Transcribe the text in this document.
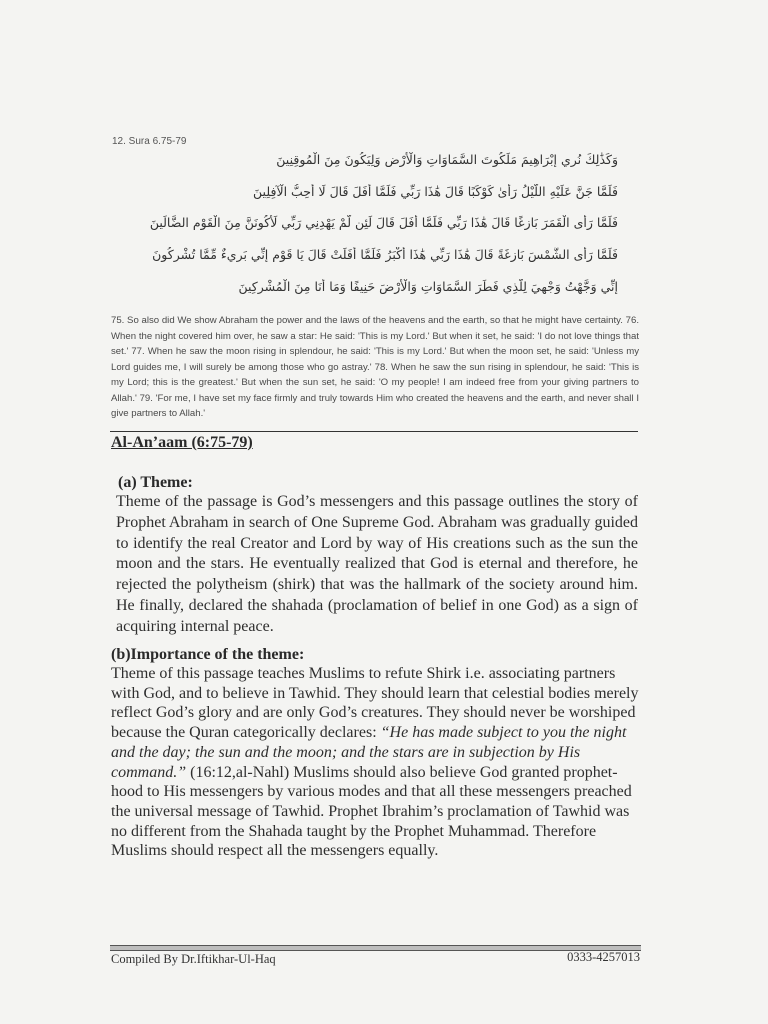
12. Sura 6.75-79
وَكَذَٰلِكَ نُرِي إِبْرَاهِيمَ مَلَكُوتَ السَّمَاوَاتِ وَالْأَرْضِ وَلِيَكُونَ مِنَ الْمُوقِنِينَ
فَلَمَّا جَنَّ عَلَيْهِ اللَّيْلُ رَأَىٰ كَوْكَبًا قَالَ هَٰذَا رَبِّي فَلَمَّا أَفَلَ قَالَ لَا أُحِبُّ الْآفِلِينَ
فَلَمَّا رَأَى الْقَمَرَ بَازِغًا قَالَ هَٰذَا رَبِّي فَلَمَّا أَفَلَ قَالَ لَئِن لَّمْ يَهْدِنِي رَبِّي لَأَكُونَنَّ مِنَ الْقَوْمِ الضَّالِّينَ
فَلَمَّا رَأَى الشَّمْسَ بَازِغَةً قَالَ هَٰذَا رَبِّي هَٰذَا أَكْبَرُ فَلَمَّا أَفَلَتْ قَالَ يَا قَوْمِ إِنِّي بَرِيءٌ مِّمَّا تُشْرِكُونَ
إِنِّي وَجَّهْتُ وَجْهِيَ لِلَّذِي فَطَرَ السَّمَاوَاتِ وَالْأَرْضَ حَنِيفًا وَمَا أَنَا مِنَ الْمُشْرِكِينَ

75. So also did We show Abraham the power and the laws of the heavens and the earth, so that he might have certainty. 76. When the night covered him over, he saw a star: He said: 'This is my Lord.' But when it set, he said: 'I do not love things that set.' 77. When he saw the moon rising in splendour, he said: 'This is my Lord.' But when the moon set, he said: 'Unless my Lord guides me, I will surely be among those who go astray.' 78. When he saw the sun rising in splendour, he said: 'This is my Lord; this is the greatest.' But when the sun set, he said: 'O my people! I am indeed free from your giving partners to Allah.' 79. 'For me, I have set my face firmly and truly towards Him who created the heavens and the earth, and never shall I give partners to Allah.'

Al-An’aam (6:75-79)
(a) Theme:

Theme of the passage is God’s messengers and this passage outlines the story of Prophet Abraham in search of One Supreme God. Abraham was gradually guided to identify the real Creator and Lord by way of His creations such as the sun the moon and the stars. He eventually realized that God is eternal and therefore, he rejected the polytheism (shirk) that was the hallmark of the society around him. He finally, declared the shahada (proclamation of belief in one God) as a sign of acquiring internal peace.

(b)Importance of the theme:

Theme of this passage teaches Muslims to refute Shirk i.e. associating partners with God, and to believe in Tawhid. They should learn that celestial bodies merely reflect God’s glory and are only God’s creatures. They should never be worshiped because the Quran categorically declares: “He has made subject to you the night and the day; the sun and the moon; and the stars are in subjection by His command.” (16:12,al-Nahl) Muslims should also believe God granted prophet-hood to His messengers by various modes and that all these messengers preached the universal message of Tawhid. Prophet Ibrahim’s proclamation of Tawhid was no different from the Shahada taught by the Prophet Muhammad. Therefore Muslims should respect all the messengers equally.

Compiled By Dr.Iftikhar-Ul-Haq	0333-4257013
